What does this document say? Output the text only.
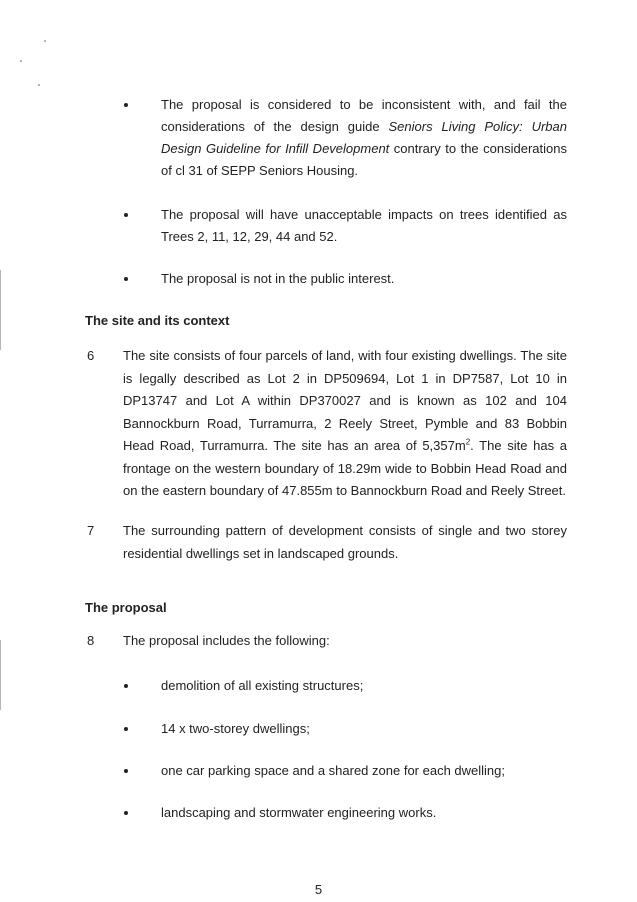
The proposal is considered to be inconsistent with, and fail the considerations of the design guide Seniors Living Policy: Urban Design Guideline for Infill Development contrary to the considerations of cl 31 of SEPP Seniors Housing.
The proposal will have unacceptable impacts on trees identified as Trees 2, 11, 12, 29, 44 and 52.
The proposal is not in the public interest.
The site and its context
6 The site consists of four parcels of land, with four existing dwellings. The site is legally described as Lot 2 in DP509694, Lot 1 in DP7587, Lot 10 in DP13747 and Lot A within DP370027 and is known as 102 and 104 Bannockburn Road, Turramurra, 2 Reely Street, Pymble and 83 Bobbin Head Road, Turramurra. The site has an area of $5,357m^2$. The site has a frontage on the western boundary of 18.29m wide to Bobbin Head Road and on the eastern boundary of 47.855m to Bannockburn Road and Reely Street.
7 The surrounding pattern of development consists of single and two storey residential dwellings set in landscaped grounds.
The proposal
8 The proposal includes the following:
demolition of all existing structures;
14 x two-storey dwellings;
one car parking space and a shared zone for each dwelling;
landscaping and stormwater engineering works.
5
